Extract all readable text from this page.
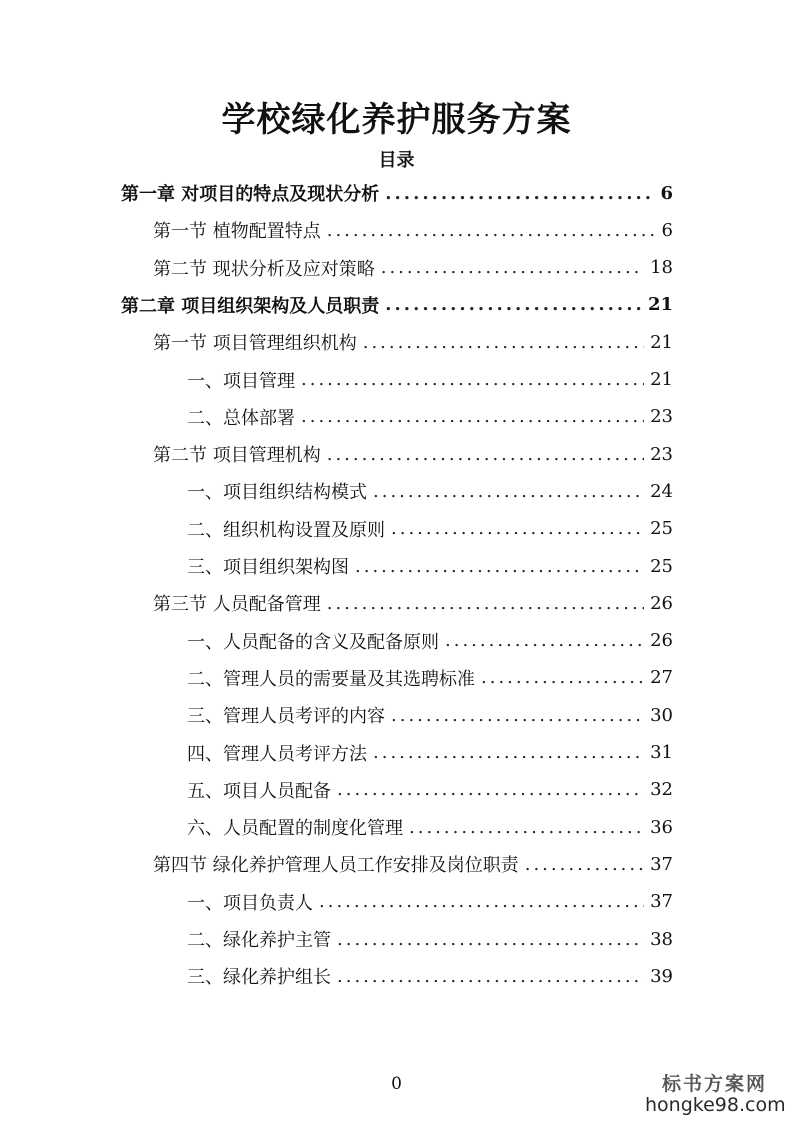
学校绿化养护服务方案
目录
第一章 对项目的特点及现状分析 .....	6
第一节 植物配置特点 .....	6
第二节 现状分析及应对策略 .....	18
第二章 项目组织架构及人员职责 .....	21
第一节 项目管理组织机构 .....	21
一、项目管理 .....	21
二、总体部署 .....	23
第二节 项目管理机构 .....	23
一、项目组织结构模式 .....	24
二、组织机构设置及原则 .....	25
三、项目组织架构图 .....	25
第三节 人员配备管理 .....	26
一、人员配备的含义及配备原则 .....	26
二、管理人员的需要量及其选聘标准 .....	27
三、管理人员考评的内容 .....	30
四、管理人员考评方法 .....	31
五、项目人员配备 .....	32
六、人员配置的制度化管理 .....	36
第四节 绿化养护管理人员工作安排及岗位职责 .....	37
一、项目负责人 .....	37
二、绿化养护主管 .....	38
三、绿化养护组长 .....	39
0	标书方案网
hongke98.com
